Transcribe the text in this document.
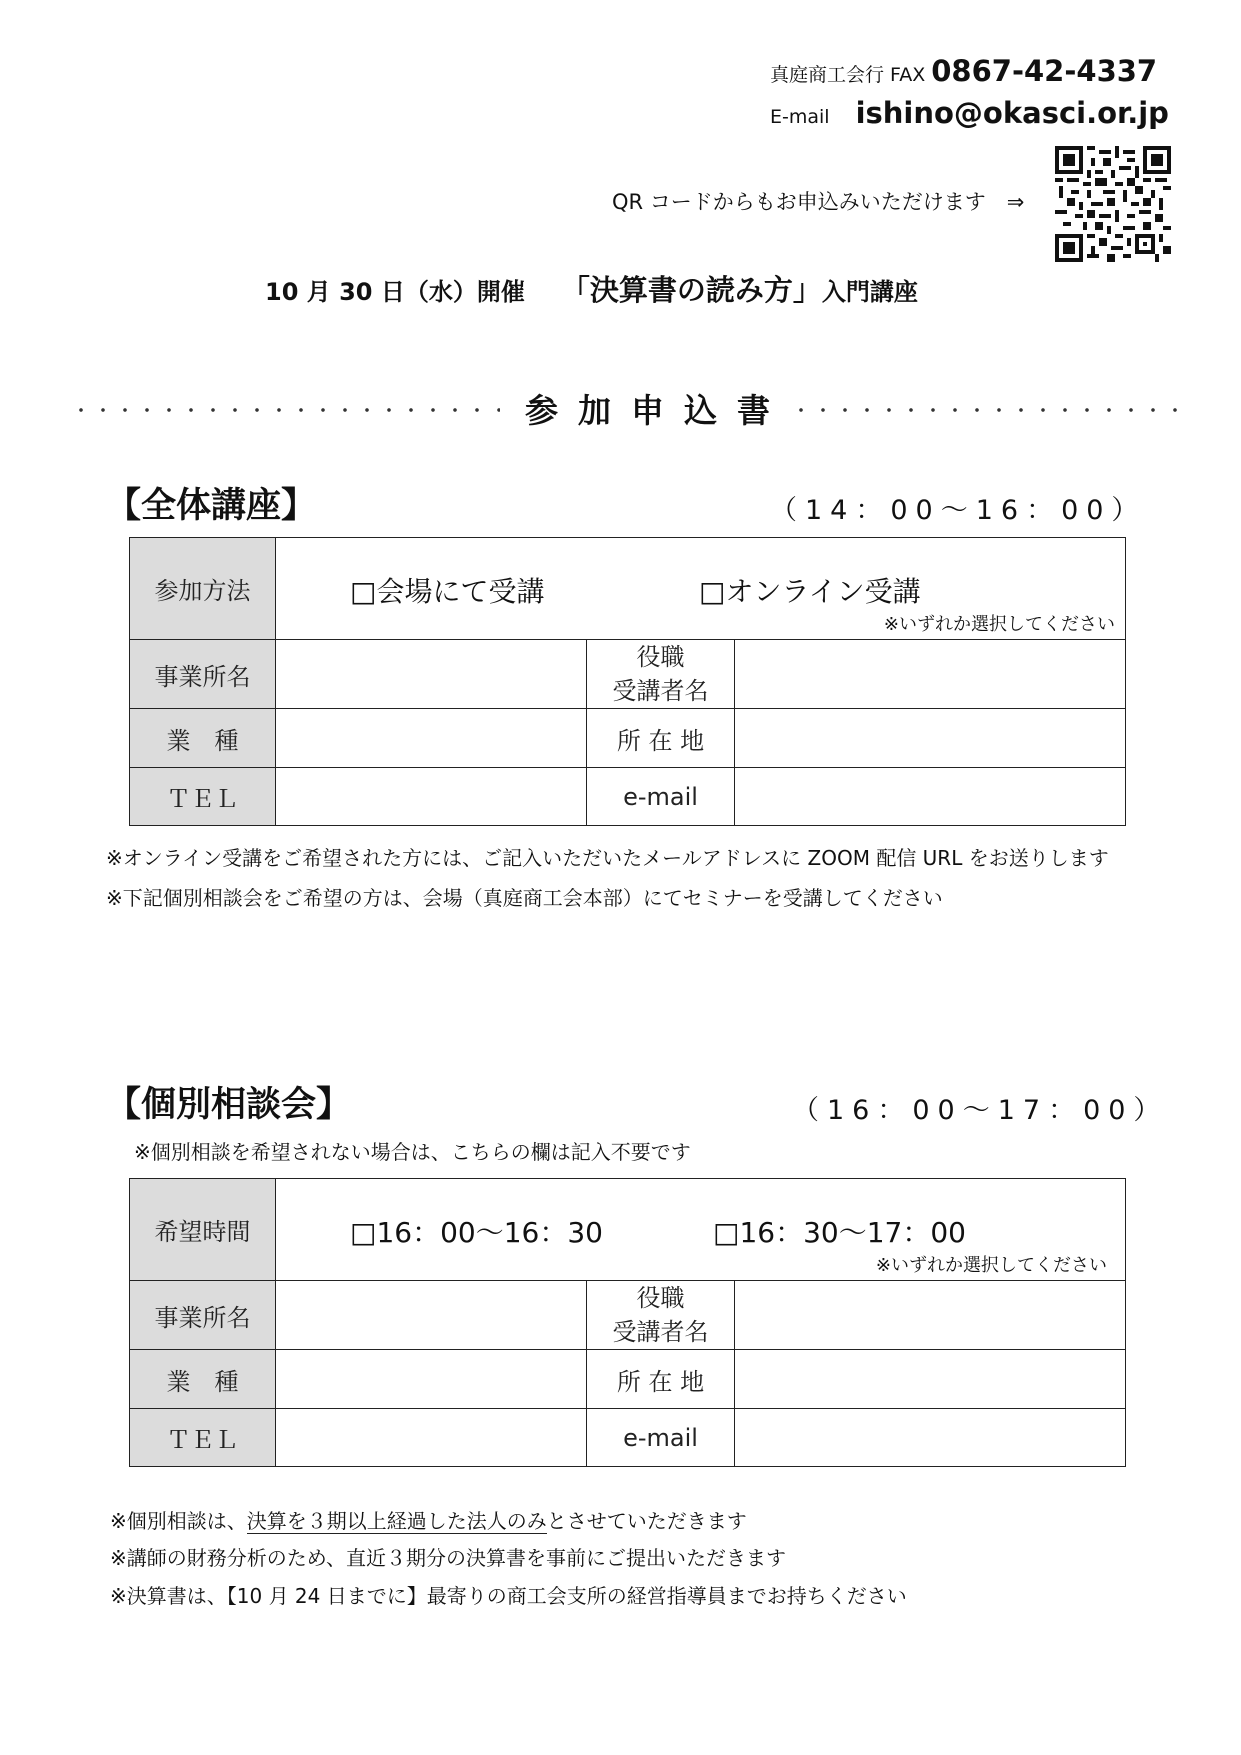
真庭商工会行 FAX 0867-42-4337
E-mail ishino@okasci.or.jp
QR コードからもお申込みいただけます　⇒
10 月 30 日（水）開催 「決算書の読み方」入門講座
参加申込書
【全体講座】	（14：00～16：00）
参加方法	□会場にて受講 □オンライン受講
※いずれか選択してください		

事業所名		役職
受講者名	

業　種		所 在 地	
ＴＥＬ		e-mail	
※オンライン受講をご希望された方には、ご記入いただいたメールアドレスに ZOOM 配信 URL をお送りします
※下記個別相談会をご希望の方は、会場（真庭商工会本部）にてセミナーを受講してください
【個別相談会】	（16：00～17：00）
※個別相談を希望されない場合は、こちらの欄は記入不要です
希望時間	□16：00～16：30 □16：30～17：00
※いずれか選択してください		

事業所名		役職
受講者名	

業　種		所 在 地	
ＴＥＬ		e-mail	
※個別相談は、決算を３期以上経過した法人のみとさせていただきます
※講師の財務分析のため、直近３期分の決算書を事前にご提出いただきます
※決算書は、【10 月 24 日までに】最寄りの商工会支所の経営指導員までお持ちください
